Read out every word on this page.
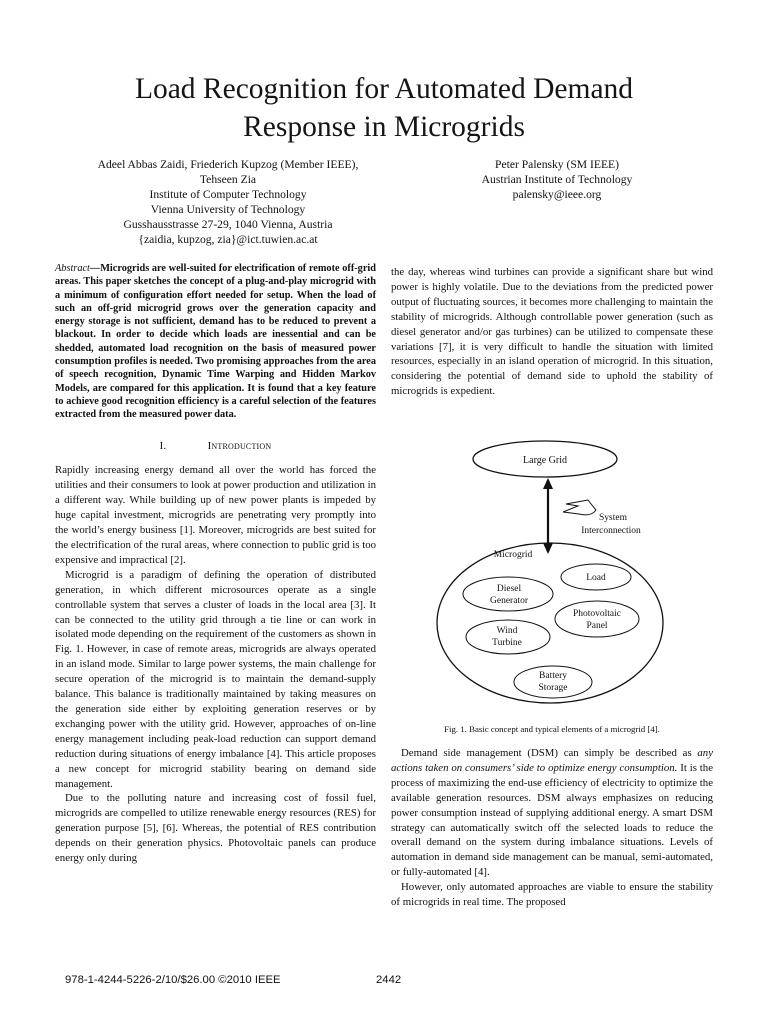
Load Recognition for Automated Demand
Response in Microgrids
Adeel Abbas Zaidi, Friederich Kupzog (Member IEEE),
Tehseen Zia
Institute of Computer Technology
Vienna University of Technology
Gusshausstrasse 27-29, 1040 Vienna, Austria
{zaidia, kupzog, zia}@ict.tuwien.ac.at
Peter Palensky (SM IEEE)
Austrian Institute of Technology
palensky@ieee.org
Abstract—Microgrids are well-suited for electrification of remote off-grid areas. This paper sketches the concept of a plug-and-play microgrid with a minimum of configuration effort needed for setup. When the load of such an off-grid microgrid grows over the generation capacity and energy storage is not sufficient, demand has to be reduced to prevent a blackout. In order to decide which loads are inessential and can be shedded, automated load recognition on the basis of measured power consumption profiles is needed. Two promising approaches from the area of speech recognition, Dynamic Time Warping and Hidden Markov Models, are compared for this application. It is found that a key feature to achieve good recognition efficiency is a careful selection of the features extracted from the measured power data.
I.	Introduction

Rapidly increasing energy demand all over the world has forced the utilities and their consumers to look at power production and utilization in a different way. While building up of new power plants is impeded by huge capital investment, microgrids are penetrating very promptly into the world’s energy business [1]. Moreover, microgrids are best suited for the electrification of the rural areas, where connection to public grid is too expensive and impractical [2].

Microgrid is a paradigm of defining the operation of distributed generation, in which different microsources operate as a single controllable system that serves a cluster of loads in the local area [3]. It can be connected to the utility grid through a tie line or can work in isolated mode depending on the requirement of the customers as shown in Fig. 1. However, in case of remote areas, microgrids are always operated in an island mode. Similar to large power systems, the main challenge for secure operation of the microgrid is to maintain the demand-supply balance. This balance is traditionally maintained by taking measures on the generation side either by exploiting generation reserves or by exchanging power with the utility grid. However, approaches of on-line energy management including peak-load reduction can support demand reduction during situations of energy imbalance [4]. This article proposes a new concept for microgrid stability bearing on demand side management.

Due to the polluting nature and increasing cost of fossil fuel, microgrids are compelled to utilize renewable energy resources (RES) for generation purpose [5], [6]. Whereas, the potential of RES contribution depends on their generation physics. Photovoltaic panels can produce energy only during

the day, whereas wind turbines can provide a significant share but wind power is highly volatile. Due to the deviations from the predicted power output of fluctuating sources, it becomes more challenging to maintain the stability of microgrids. Although controllable power generation (such as diesel generator and/or gas turbines) can be utilized to compensate these variations [7], it is very difficult to handle the situation with limited resources, especially in an island operation of microgrid. In this situation, considering the potential of demand side to uphold the stability of microgrids is expedient.

Large Grid
System
Interconnection
Microgrid
Load
Diesel
Generator
Photovoltaic
Panel
Wind
Turbine
Battery
Storage
Fig. 1. Basic concept and typical elements of a microgrid [4].

Demand side management (DSM) can simply be described as any actions taken on consumers’ side to optimize energy consumption. It is the process of maximizing the end-use efficiency of electricity to optimize the available generation resources. DSM always emphasizes on reducing power consumption instead of supplying additional energy. A smart DSM strategy can automatically switch off the selected loads to reduce the overall demand on the system during imbalance situations. Levels of automation in demand side management can be manual, semi-automated, or fully-automated [4].

However, only automated approaches are viable to ensure the stability of microgrids in real time. The proposed

978-1-4244-5226-2/10/$26.00 ©2010 IEEE	2442
